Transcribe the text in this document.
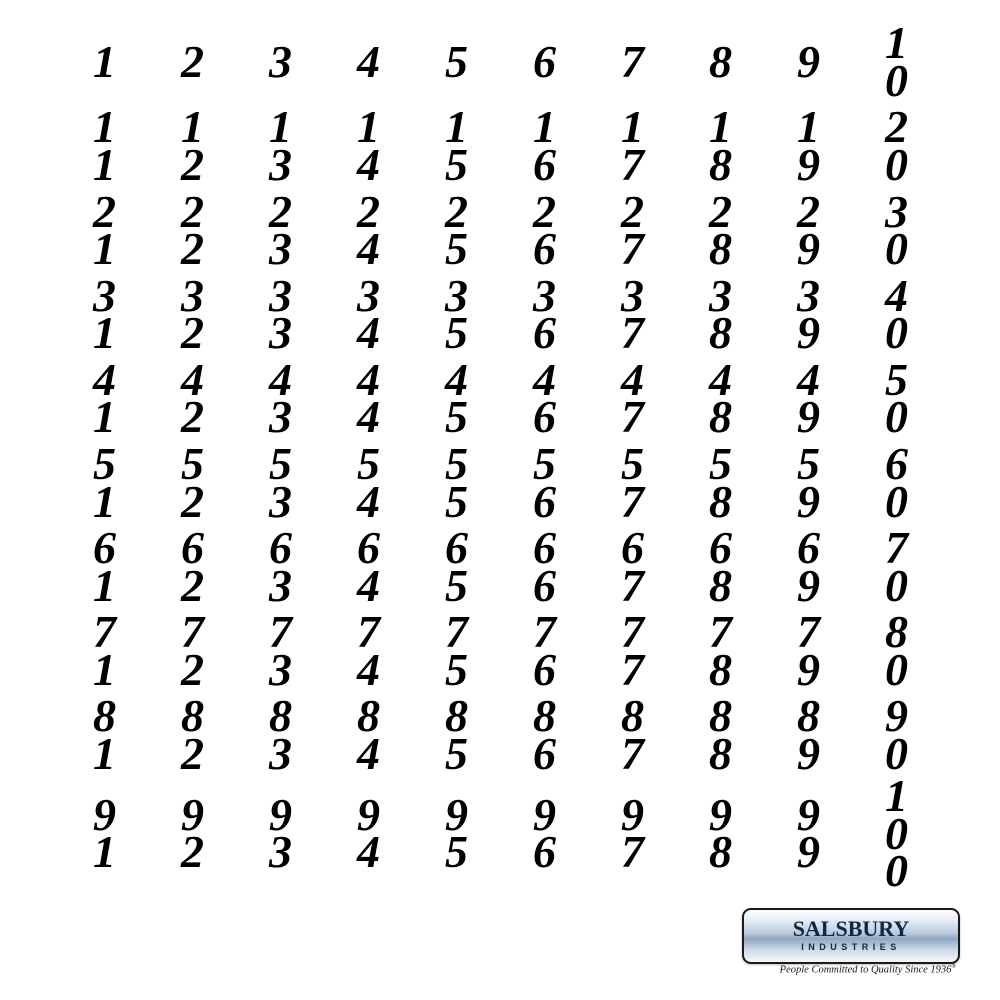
1 2 3 4 5 6 7 8 9 1
0
1
1
1
2
1
3
1
4
1
5
1
6
1
7
1
8
1
9
2
0
2
1
2
2
2
3
2
4
2
5
2
6
2
7
2
8
2
9
3
0
3
1
3
2
3
3
3
4
3
5
3
6
3
7
3
8
3
9
4
0
4
1
4
2
4
3
4
4
4
5
4
6
4
7
4
8
4
9
5
0
5
1
5
2
5
3
5
4
5
5
5
6
5
7
5
8
5
9
6
0
6
1
6
2
6
3
6
4
6
5
6
6
6
7
6
8
6
9
7
0
7
1
7
2
7
3
7
4
7
5
7
6
7
7
7
8
7
9
8
0
8
1
8
2
8
3
8
4
8
5
8
6
8
7
8
8
8
9
9
0
9
1
9
2
9
3
9
4
9
5
9
6
9
7
9
8
9
9
1
0
0
SALSBURY
INDUSTRIES
People Committed to Quality Since 1936®
